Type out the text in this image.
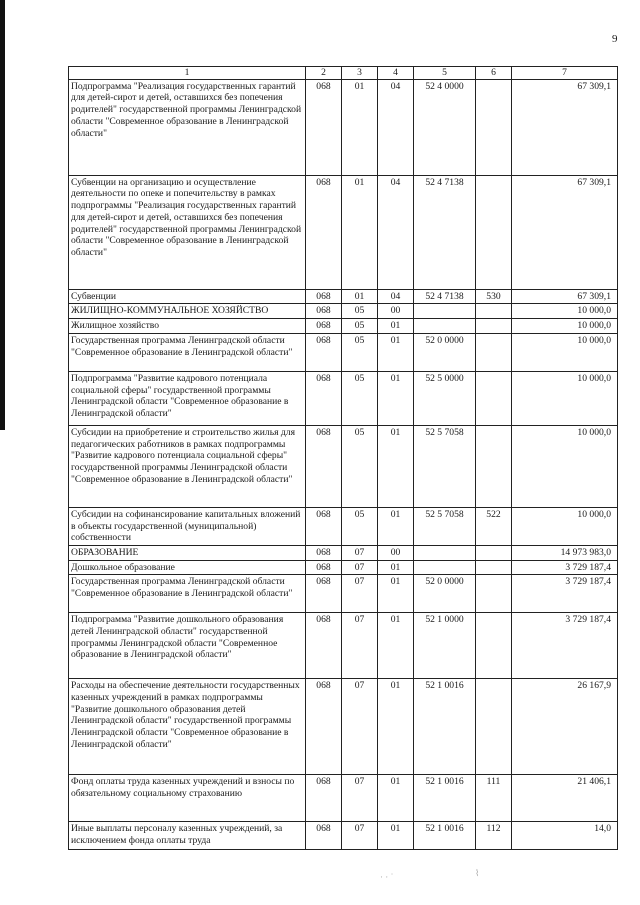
9
1	2	3	4	5	6	7
Подпрограмма "Реализация государственных гарантий для детей-сирот и детей, оставшихся без попечения родителей" государственной программы Ленинградской области "Современное образование в Ленинградской области"	068	01	04	52 4 0000		67 309,1
Субвенции на организацию и осуществление деятельности по опеке и попечительству в рамках подпрограммы "Реализация государственных гарантий для детей-сирот и детей, оставшихся без попечения родителей" государственной программы Ленинградской области "Современное образование в Ленинградской области"	068	01	04	52 4 7138		67 309,1
Субвенции	068	01	04	52 4 7138	530	67 309,1
ЖИЛИЩНО-КОММУНАЛЬНОЕ ХОЗЯЙСТВО	068	05	00			10 000,0
Жилищное хозяйство	068	05	01			10 000,0
Государственная программа Ленинградской области "Современное образование в Ленинградской области"	068	05	01	52 0 0000		10 000,0
Подпрограмма "Развитие кадрового потенциала социальной сферы" государственной программы Ленинградской области "Современное образование в Ленинградской области"	068	05	01	52 5 0000		10 000,0
Субсидии на приобретение и строительство жилья для педагогических работников в рамках подпрограммы "Развитие кадрового потенциала социальной сферы" государственной программы Ленинградской области "Современное образование в Ленинградской области"	068	05	01	52 5 7058		10 000,0
Субсидии на софинансирование капитальных вложений в объекты государственной (муниципальной) собственности	068	05	01	52 5 7058	522	10 000,0
ОБРАЗОВАНИЕ	068	07	00			14 973 983,0
Дошкольное образование	068	07	01			3 729 187,4
Государственная программа Ленинградской области "Современное образование в Ленинградской области"	068	07	01	52 0 0000		3 729 187,4
Подпрограмма "Развитие дошкольного образования детей Ленинградской области" государственной программы Ленинградской области "Современное образование в Ленинградской области"	068	07	01	52 1 0000		3 729 187,4
Расходы на обеспечение деятельности государственных казенных учреждений в рамках подпрограммы "Развитие дошкольного образования детей Ленинградской области" государственной программы Ленинградской области "Современное образование в Ленинградской области"	068	07	01	52 1 0016		26 167,9
Фонд оплаты труда казенных учреждений и взносы по обязательному социальному страхованию	068	07	01	52 1 0016	111	21 406,1
Иные выплаты персоналу казенных учреждений, за исключением фонда оплаты труда	068	07	01	52 1 0016	112	14,0
· · ˙	⌇
